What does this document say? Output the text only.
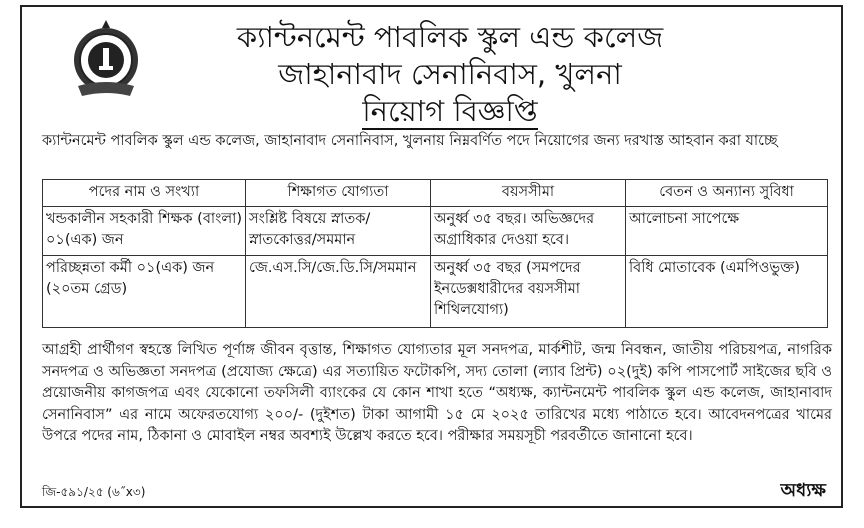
ক্যান্টনমেন্ট পাবলিক স্কুল এন্ড কলেজ
জাহানাবাদ সেনানিবাস, খুলনা
নিয়োগ বিজ্ঞপ্তি
ক্যান্টনমেন্ট পাবলিক স্কুল এন্ড কলেজ, জাহানাবাদ সেনানিবাস, খুলনায় নিম্নবর্ণিত পদে নিয়োগের জন্য দরখাস্ত আহবান করা যাচ্ছে
পদের নাম ও সংখ্যা	শিক্ষাগত যোগ্যতা	বয়সসীমা	বেতন ও অন্যান্য সুবিধা
খন্ডকালীন সহকারী শিক্ষক (বাংলা) ০১(এক) জন	সংশ্লিষ্ট বিষয়ে স্নাতক/ স্নাতকোত্তর/সমমান	অনুর্ধ্ব ৩৫ বছর। অভিজ্ঞদের অগ্রাধিকার দেওয়া হবে।	আলোচনা সাপেক্ষে
পরিচ্ছন্নতা কর্মী ০১(এক) জন (২০তম গ্রেড)	জে.এস.সি/জে.ডি.সি/সমমান	অনুর্ধ্ব ৩৫ বছর (সমপদের ইনডেক্সধারীদের বয়সসীমা শিথিলযোগ্য)	বিধি মোতাবেক (এমপিওভুক্ত)
আগ্রহী প্রার্থীগণ স্বহস্তে লিখিত পূর্ণাঙ্গ জীবন বৃত্তান্ত, শিক্ষাগত যোগ্যতার মূল সনদপত্র, মার্কশীট, জন্ম নিবন্ধন, জাতীয় পরিচয়পত্র, নাগরিক সনদপত্র ও অভিজ্ঞতা সনদপত্র (প্রযোজ্য ক্ষেত্রে) এর সত্যায়িত ফটোকপি, সদ্য তোলা (ল্যাব প্রিন্ট) ০২(দুই) কপি পাসপোর্ট সাইজের ছবি ও প্রয়োজনীয় কাগজপত্র এবং যেকোনো তফসিলী ব্যাংকের যে কোন শাখা হতে “অধ্যক্ষ, ক্যান্টনমেন্ট পাবলিক স্কুল এন্ড কলেজ, জাহানাবাদ সেনানিবাস” এর নামে অফেরতযোগ্য ২০০/- (দুইশত) টাকা আগামী ১৫ মে ২০২৫ তারিখের মধ্যে পাঠাতে হবে। আবেদনপত্রের খামের উপরে পদের নাম, ঠিকানা ও মোবাইল নম্বর অবশ্যই উল্লেখ করতে হবে। পরীক্ষার সময়সূচী পরবর্তীতে জানানো হবে।
জি-৫৯১/২৫ (৬˝x৩)	অধ্যক্ষ
